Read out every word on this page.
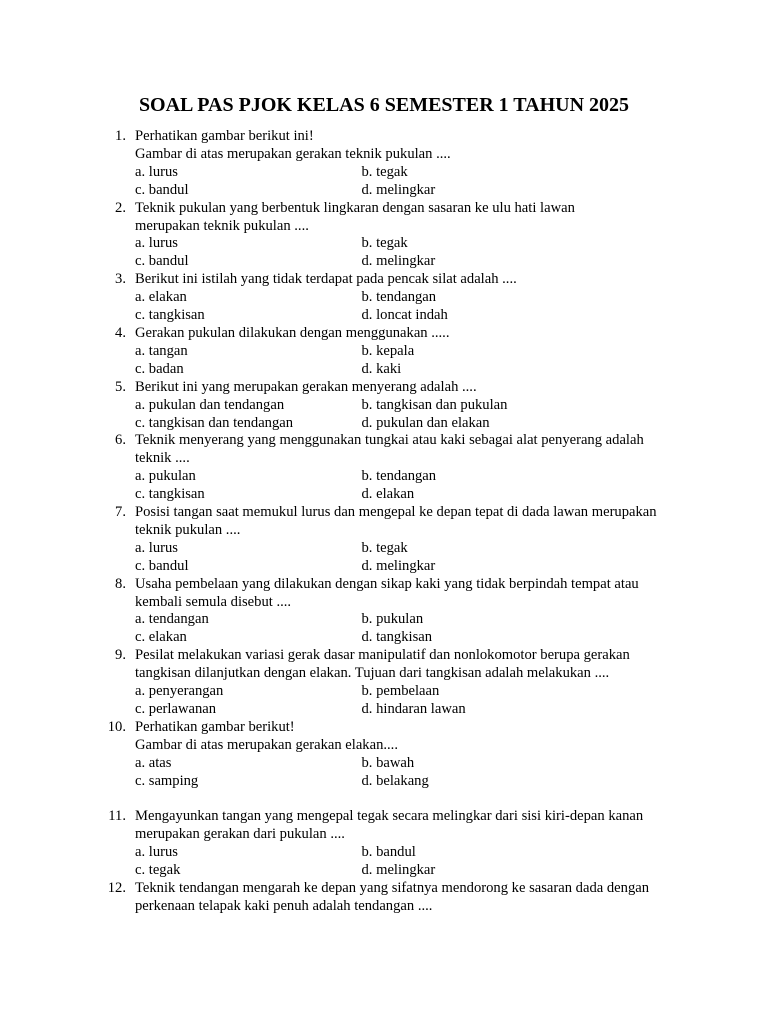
SOAL PAS PJOK KELAS 6 SEMESTER 1 TAHUN 2025
1. Perhatikan gambar berikut ini!
Gambar di atas merupakan gerakan teknik pukulan ....
a. lurus	b. tegak
c. bandul	d. melingkar
2. Teknik pukulan yang berbentuk lingkaran dengan sasaran ke ulu hati lawan
merupakan teknik pukulan ....
a. lurus	b. tegak
c. bandul	d. melingkar
3. Berikut ini istilah yang tidak terdapat pada pencak silat adalah ....
a. elakan	b. tendangan
c. tangkisan	d. loncat indah
4. Gerakan pukulan dilakukan dengan menggunakan .....
a. tangan	b. kepala
c. badan	d. kaki
5. Berikut ini yang merupakan gerakan menyerang adalah ....
a. pukulan dan tendangan	b. tangkisan dan pukulan
c. tangkisan dan tendangan	d. pukulan dan elakan
6. Teknik menyerang yang menggunakan tungkai atau kaki sebagai alat penyerang adalah
teknik ....
a. pukulan	b. tendangan
c. tangkisan	d. elakan
7. Posisi tangan saat memukul lurus dan mengepal ke depan tepat di dada lawan merupakan
teknik pukulan ....
a. lurus	b. tegak
c. bandul	d. melingkar
8. Usaha pembelaan yang dilakukan dengan sikap kaki yang tidak berpindah tempat atau
kembali semula disebut ....
a. tendangan	b. pukulan
c. elakan	d. tangkisan
9. Pesilat melakukan variasi gerak dasar manipulatif dan nonlokomotor berupa gerakan
tangkisan dilanjutkan dengan elakan. Tujuan dari tangkisan adalah melakukan ....
a. penyerangan	b. pembelaan
c. perlawanan	d. hindaran lawan
10. Perhatikan gambar berikut!
Gambar di atas merupakan gerakan elakan....
a. atas	b. bawah
c. samping	d. belakang
11. Mengayunkan tangan yang mengepal tegak secara melingkar dari sisi kiri-depan kanan
merupakan gerakan dari pukulan ....
a. lurus	b. bandul
c. tegak	d. melingkar
12. Teknik tendangan mengarah ke depan yang sifatnya mendorong ke sasaran dada dengan
perkenaan telapak kaki penuh adalah tendangan ....
